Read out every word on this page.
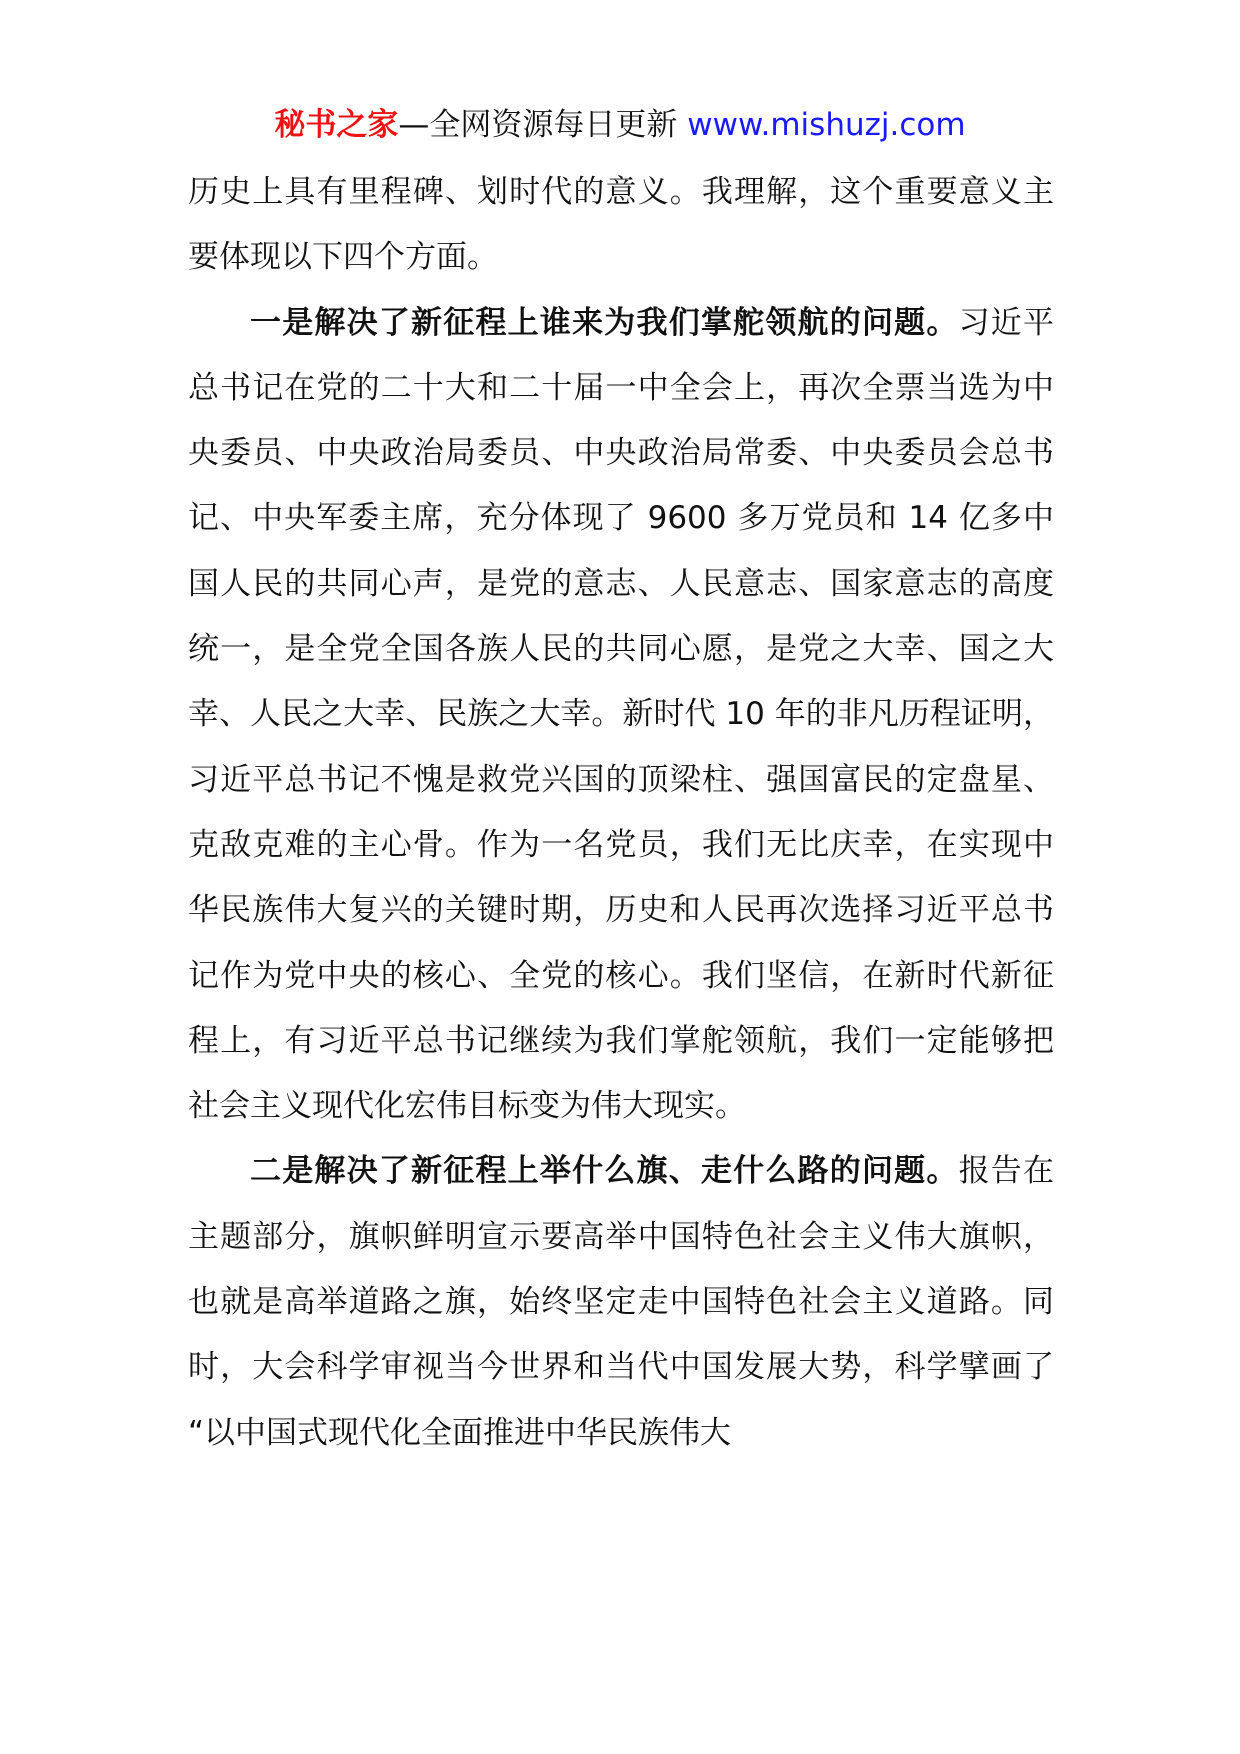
秘书之家—全网资源每日更新 www.mishuzj.com

历史上具有里程碑、划时代的意义。我理解，这个重要意义主要体现以下四个方面。

一是解决了新征程上谁来为我们掌舵领航的问题。习近平总书记在党的二十大和二十届一中全会上，再次全票当选为中央委员、中央政治局委员、中央政治局常委、中央委员会总书记、中央军委主席，充分体现了 9600 多万党员和 14 亿多中国人民的共同心声，是党的意志、人民意志、国家意志的高度统一，是全党全国各族人民的共同心愿，是党之大幸、国之大幸、人民之大幸、民族之大幸。新时代 10 年的非凡历程证明，习近平总书记不愧是救党兴国的顶梁柱、强国富民的定盘星、克敌克难的主心骨。作为一名党员，我们无比庆幸，在实现中华民族伟大复兴的关键时期，历史和人民再次选择习近平总书记作为党中央的核心、全党的核心。我们坚信，在新时代新征程上，有习近平总书记继续为我们掌舵领航，我们一定能够把社会主义现代化宏伟目标变为伟大现实。

二是解决了新征程上举什么旗、走什么路的问题。报告在主题部分，旗帜鲜明宣示要高举中国特色社会主义伟大旗帜，也就是高举道路之旗，始终坚定走中国特色社会主义道路。同时，大会科学审视当今世界和当代中国发展大势，科学擘画了 “以中国式现代化全面推进中华民族伟大
